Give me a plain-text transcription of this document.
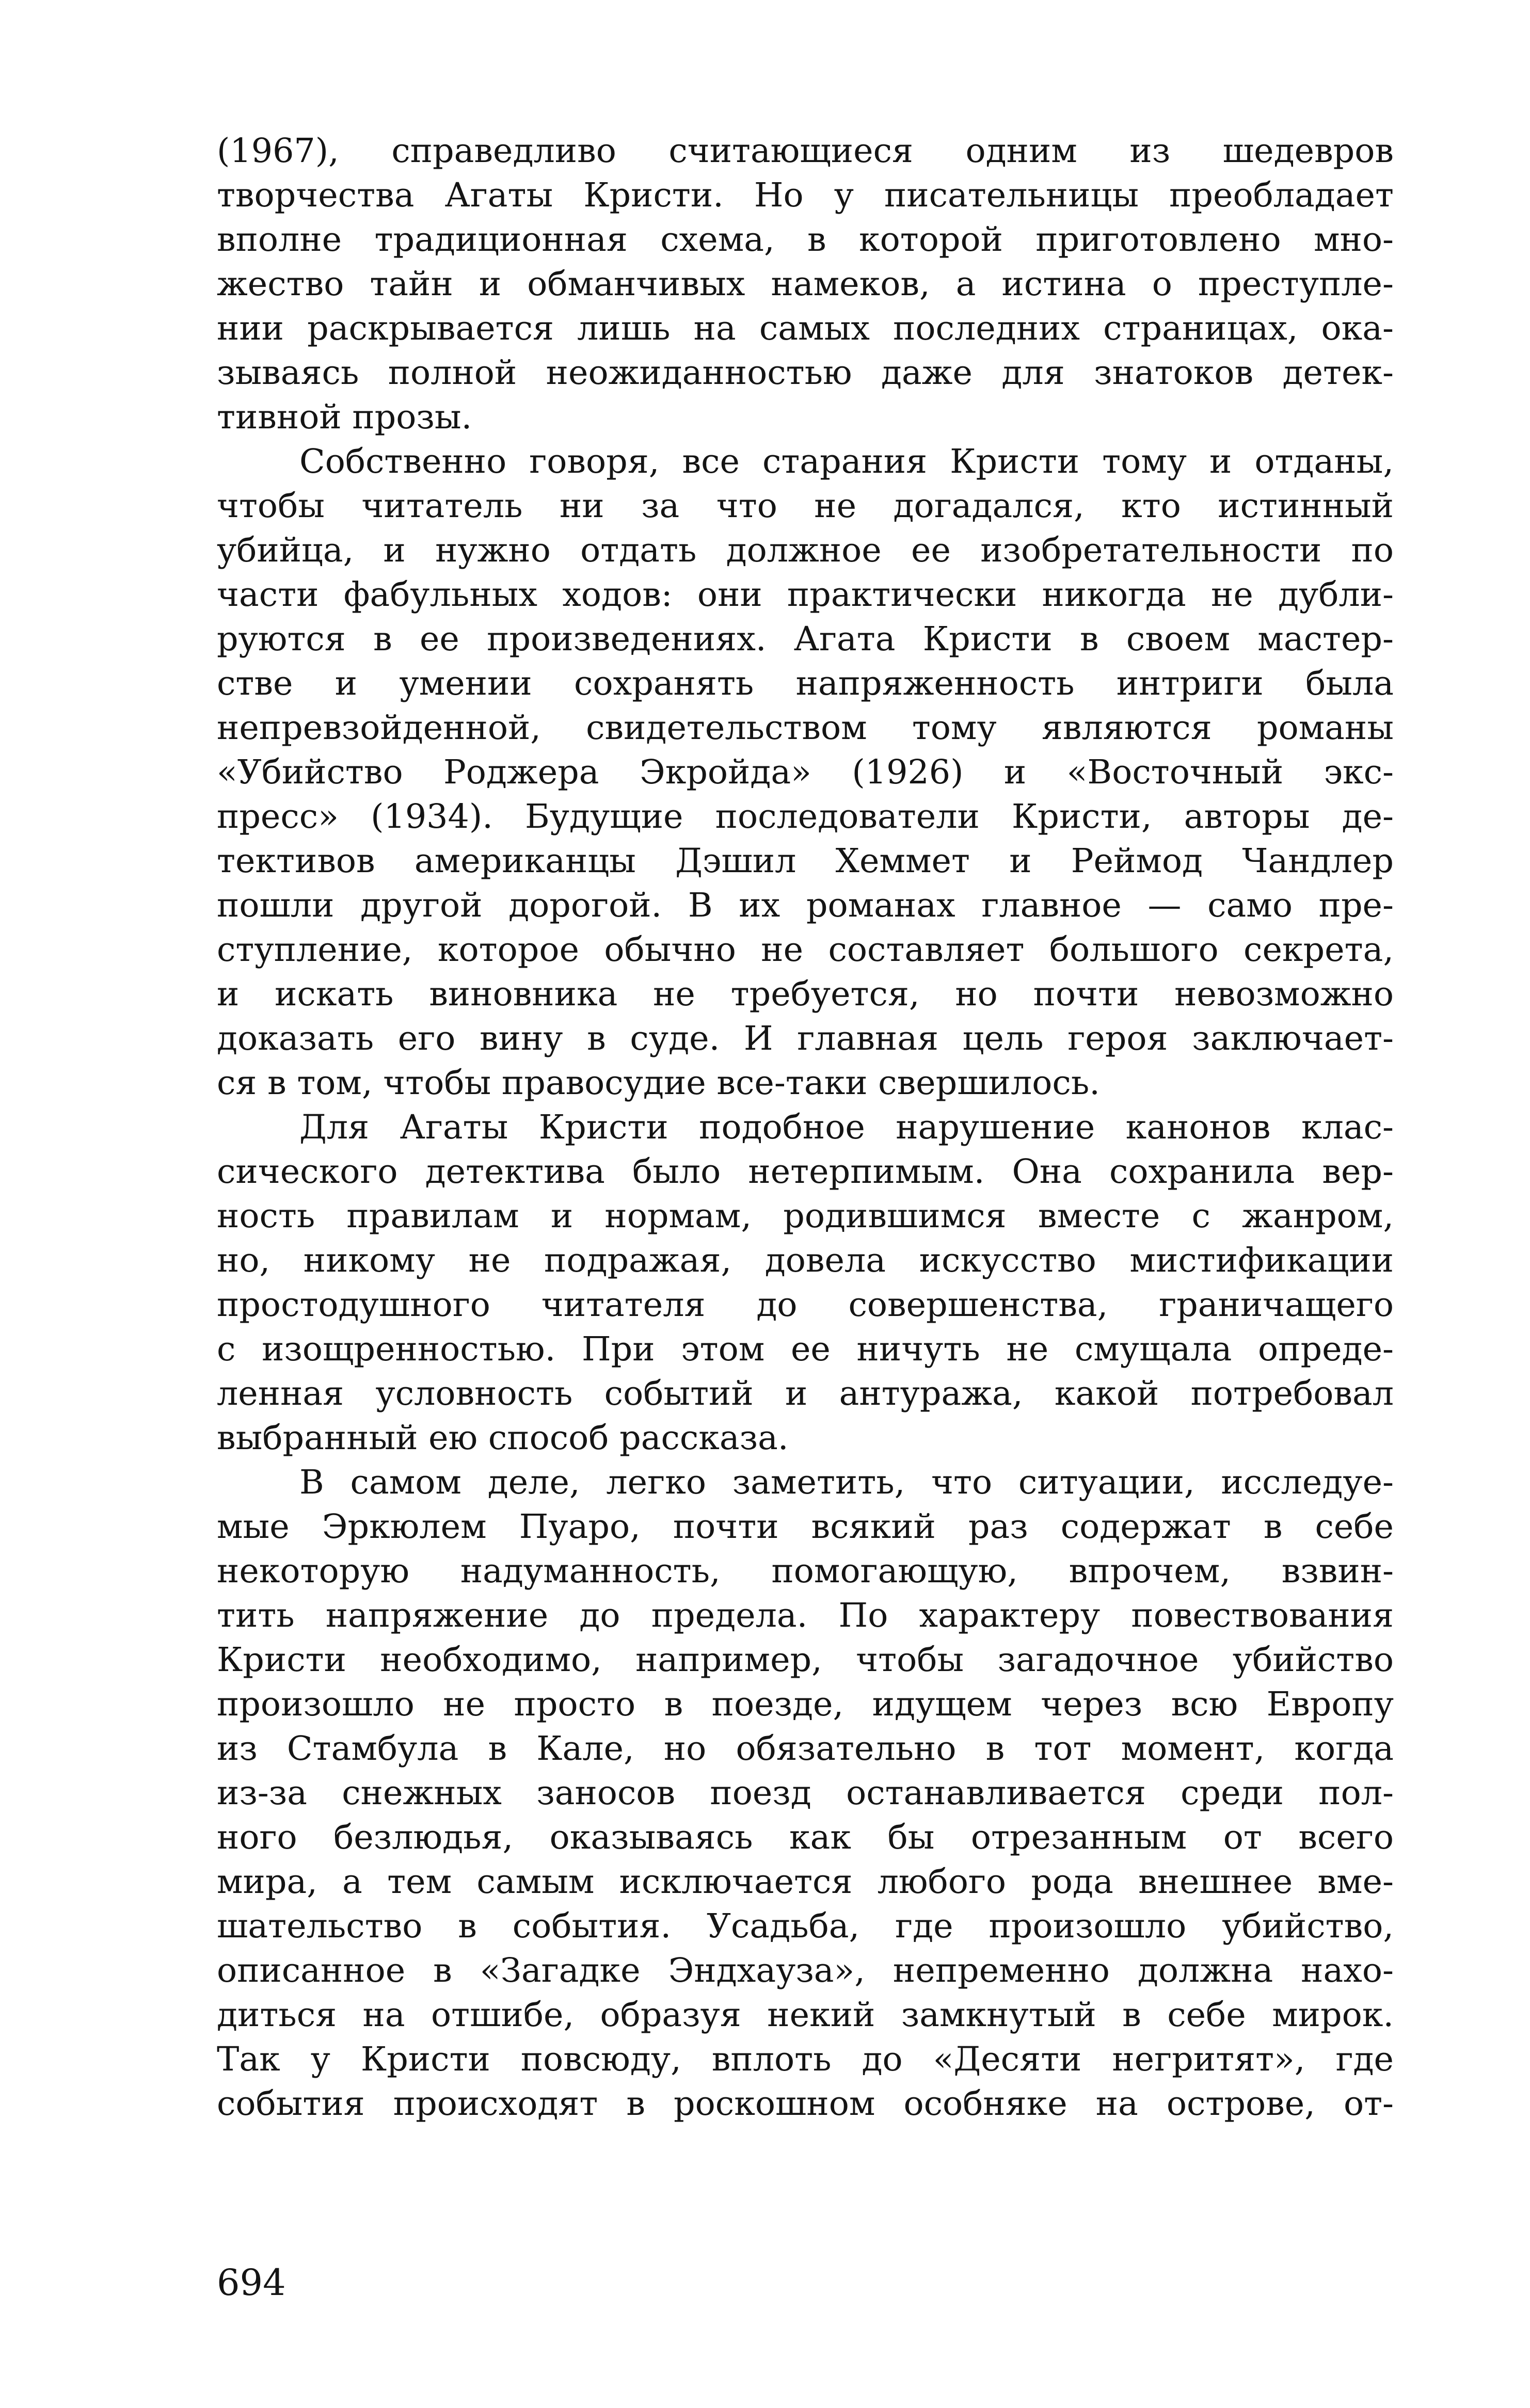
(1967), справедливо считающиеся одним из шедевров
творчества Агаты Кристи. Но у писательницы преобладает
вполне традиционная схема, в которой приготовлено мно-
жество тайн и обманчивых намеков, а истина о преступле-
нии раскрывается лишь на самых последних страницах, ока-
зываясь полной неожиданностью даже для знатоков детек-
тивной прозы.
Собственно говоря, все старания Кристи тому и отданы,
чтобы читатель ни за что не догадался, кто истинный
убийца, и нужно отдать должное ее изобретательности по
части фабульных ходов: они практически никогда не дубли-
руются в ее произведениях. Агата Кристи в своем мастер-
стве и умении сохранять напряженность интриги была
непревзойденной, свидетельством тому являются романы
«Убийство Роджера Экройда» (1926) и «Восточный экс-
пресс» (1934). Будущие последователи Кристи, авторы де-
тективов американцы Дэшил Хеммет и Реймод Чандлер
пошли другой дорогой. В их романах главное — само пре-
ступление, которое обычно не составляет большого секрета,
и искать виновника не требуется, но почти невозможно
доказать его вину в суде. И главная цель героя заключает-
ся в том, чтобы правосудие все-таки свершилось.
Для Агаты Кристи подобное нарушение канонов клас-
сического детектива было нетерпимым. Она сохранила вер-
ность правилам и нормам, родившимся вместе с жанром,
но, никому не подражая, довела искусство мистификации
простодушного читателя до совершенства, граничащего
с изощренностью. При этом ее ничуть не смущала опреде-
ленная условность событий и антуража, какой потребовал
выбранный ею способ рассказа.
В самом деле, легко заметить, что ситуации, исследуе-
мые Эркюлем Пуаро, почти всякий раз содержат в себе
некоторую надуманность, помогающую, впрочем, взвин-
тить напряжение до предела. По характеру повествования
Кристи необходимо, например, чтобы загадочное убийство
произошло не просто в поезде, идущем через всю Европу
из Стамбула в Кале, но обязательно в тот момент, когда
из-за снежных заносов поезд останавливается среди пол-
ного безлюдья, оказываясь как бы отрезанным от всего
мира, а тем самым исключается любого рода внешнее вме-
шательство в события. Усадьба, где произошло убийство,
описанное в «Загадке Эндхауза», непременно должна нахо-
диться на отшибе, образуя некий замкнутый в себе мирок.
Так у Кристи повсюду, вплоть до «Десяти негритят», где
события происходят в роскошном особняке на острове, от-
694
